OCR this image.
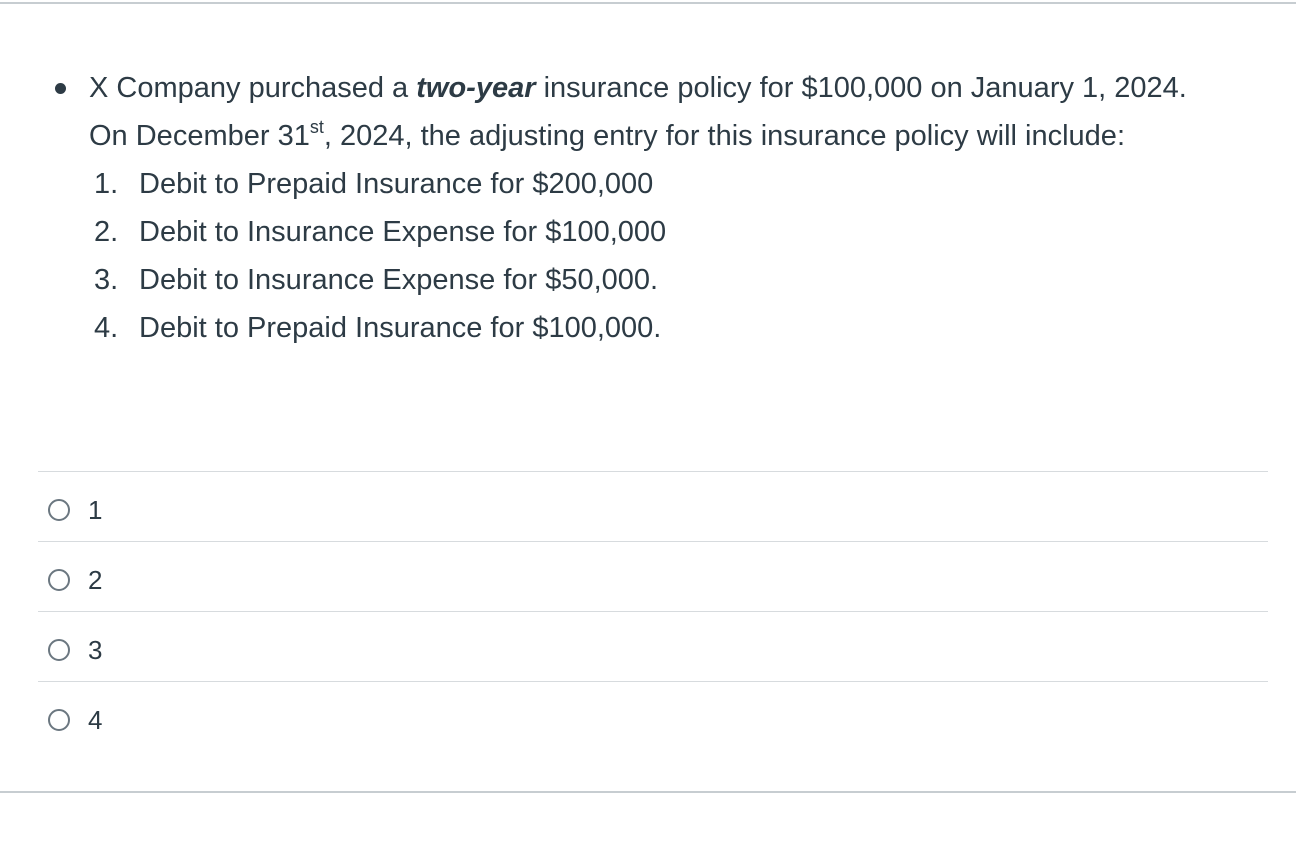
X Company purchased a two-year insurance policy for $100,000 on January 1, 2024.
On December 31st, 2024, the adjusting entry for this insurance policy will include:
1. Debit to Prepaid Insurance for $200,000
2. Debit to Insurance Expense for $100,000
3. Debit to Insurance Expense for $50,000.
4. Debit to Prepaid Insurance for $100,000.
1
2
3
4
